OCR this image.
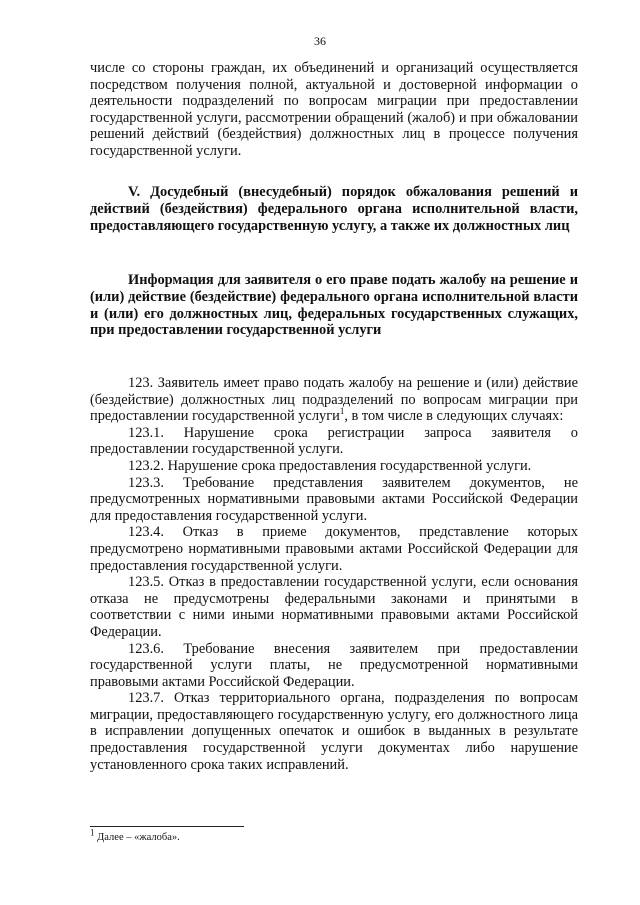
36

числе со стороны граждан, их объединений и организаций осуществляется посредством получения полной, актуальной и достоверной информации о деятельности подразделений по вопросам миграции при предоставлении государственной услуги, рассмотрении обращений (жалоб) и при обжаловании решений действий (бездействия) должностных лиц в процессе получения государственной услуги.

V. Досудебный (внесудебный) порядок обжалования решений и действий (бездействия) федерального органа исполнительной власти, предоставляющего государственную услугу, а также их должностных лиц

Информация для заявителя о его праве подать жалобу на решение и (или) действие (бездействие) федерального органа исполнительной власти и (или) его должностных лиц, федеральных государственных служащих, при предоставлении государственной услуги

123. Заявитель имеет право подать жалобу на решение и (или) действие (бездействие) должностных лиц подразделений по вопросам миграции при предоставлении государственной услуги$^1$, в том числе в следующих случаях:

123.1. Нарушение срока регистрации запроса заявителя о предоставлении государственной услуги.

123.2. Нарушение срока предоставления государственной услуги.

123.3. Требование представления заявителем документов, не предусмотренных нормативными правовыми актами Российской Федерации для предоставления государственной услуги.

123.4. Отказ в приеме документов, представление которых предусмотрено нормативными правовыми актами Российской Федерации для предоставления государственной услуги.

123.5. Отказ в предоставлении государственной услуги, если основания отказа не предусмотрены федеральными законами и принятыми в соответствии с ними иными нормативными правовыми актами Российской Федерации.

123.6. Требование внесения заявителем при предоставлении государственной услуги платы, не предусмотренной нормативными правовыми актами Российской Федерации.

123.7. Отказ территориального органа, подразделения по вопросам миграции, предоставляющего государственную услугу, его должностного лица в исправлении допущенных опечаток и ошибок в выданных в результате предоставления государственной услуги документах либо нарушение установленного срока таких исправлений.

1 Далее – «жалоба».
